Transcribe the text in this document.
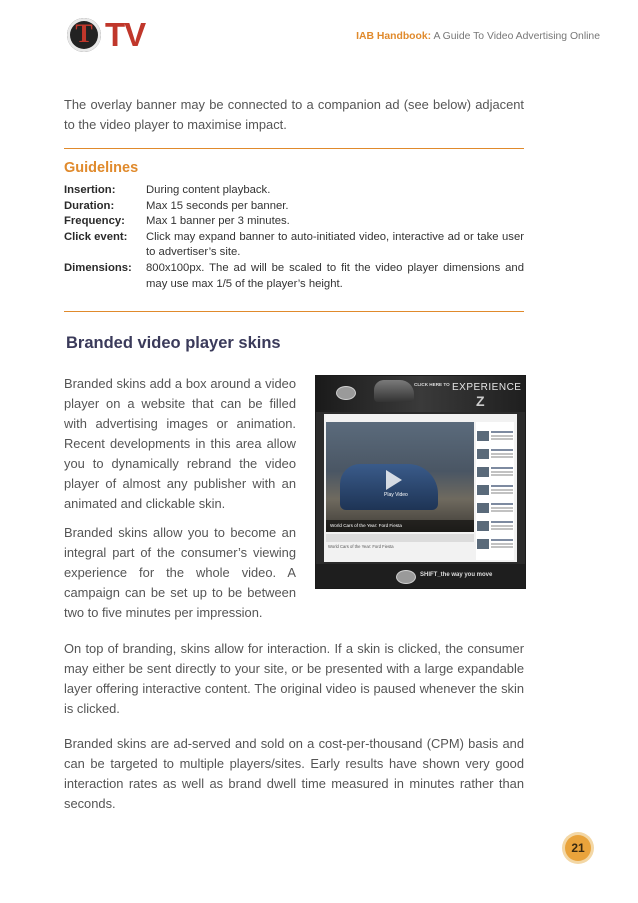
T TV	IAB Handbook: A Guide To Video Advertising Online
The overlay banner may be connected to a companion ad (see below) adjacent to the video player to maximise impact.
Guidelines
Insertion:	During content playback.
Duration:	Max 15 seconds per banner.
Frequency:	Max 1 banner per 3 minutes.
Click event:	Click may expand banner to auto-initiated video, interactive ad or take user to advertiser’s site.
Dimensions:	800x100px. The ad will be scaled to fit the video player dimensions and may use max 1/5 of the player’s height.
Branded video player skins
Branded skins add a box around a video player on a website that can be filled with advertising images or animation. Recent developments in this area allow you to dynamically rebrand the video player of almost any publisher with an animated and clickable skin.
Branded skins allow you to become an integral part of the consumer’s viewing experience for the whole video. A campaign can be set up to be between two to five minutes per impression.
On top of branding, skins allow for interaction. If a skin is clicked, the consumer may either be sent directly to your site, or be presented with a large expandable layer offering interactive content. The original video is paused whenever the skin is clicked.
Branded skins are ad-served and sold on a cost-per-thousand (CPM) basis and can be targeted to multiple players/sites. Early results have shown very good interaction rates as well as brand dwell time measured in minutes rather than seconds.
CLICK HERE TO EXPERIENCE
Z
Play Video
World Cars of the Year: Ford Fiesta
World Cars of the Year: Ford Fiesta
SHIFT_the way you move
21
